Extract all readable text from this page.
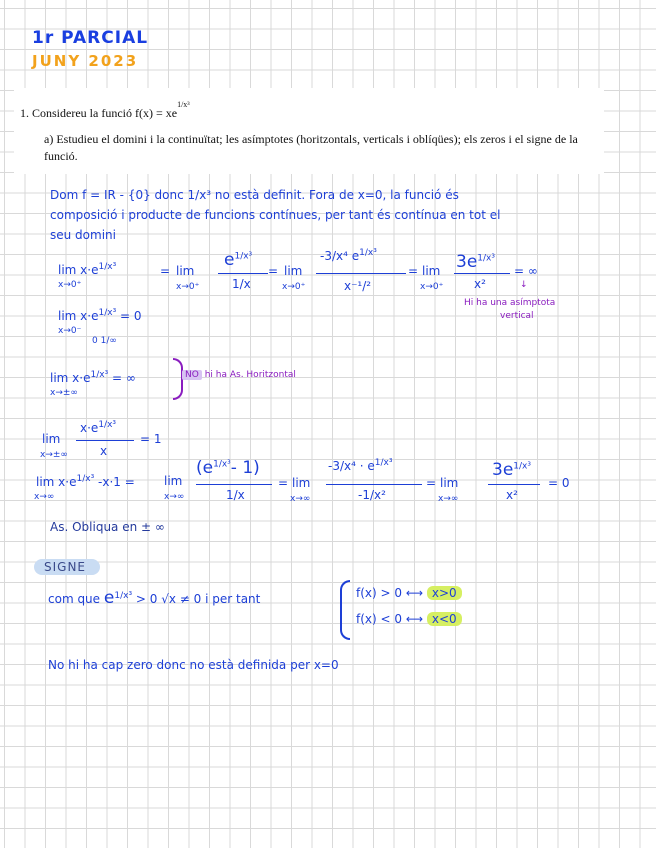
1r PARCIAL
JUNY 2023
1. Considereu la funció $f(x) = xe^{1/x^3}$
a) Estudieu el domini i la continuïtat; les asímptotes (horitzontals, verticals i oblíqües); els zeros i el signe de la funció.
Dom f = IR - {0} donc 1/x³ no està definit. Fora de x=0, la funció és
composició i producte de funcions contínues, per tant és contínua en tot el
seu domini
$\lim x\cdot e^{1/x^3}$
x→0⁺
= lim
x→0⁺
$e^{1/x^3}$
1/x
= lim
x→0⁺
-3/x⁴ $e^{1/x^3}$
x⁻¹/²
= lim
x→0⁺
$3e^{1/x^3}$
x²
= ∞
↓
Hi ha una asímptota
vertical
$\lim x\cdot e^{1/x^3} = 0$
x→0⁻
0 1/∞
$\lim x\cdot e^{1/x^3}$ = ∞
x→±∞
NO hi ha As. Horitzontal
lim
x→±∞
$x\cdot e^{1/x^3}$
x
= 1
$\lim x\cdot e^{1/x^3}$ -x·1 =
x→∞
lim
x→∞
($e^{1/x^3}-$ 1)
1/x
= lim
x→∞
$-3/x^4 \cdot e^{1/x^3}$
-1/x²
= lim
x→∞
$3e^{1/x^3}$
x²
= 0
As. Obliqua en ± ∞
SIGNE
com que $e^{1/x^3} > 0$ √x ≠ 0 i per tant	f(x) > 0 ⟷ x>0
f(x) < 0 ⟷ x<0
No hi ha cap zero donc no està definida per x=0
